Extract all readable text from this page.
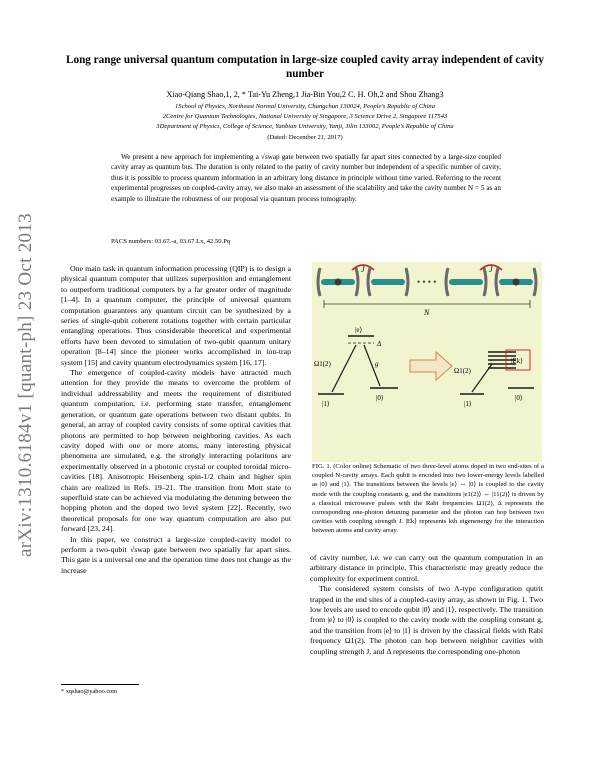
arXiv:1310.6184v1 [quant-ph] 23 Oct 2013
Long range universal quantum computation in large-size coupled cavity array independent of cavity number
Xiao-Qiang Shao,1, 2, * Tai-Yu Zheng,1 Jia-Bin You,2 C. H. Oh,2 and Shou Zhang3
1School of Physics, Northeast Normal University, Changchun 130024, People's Republic of China
2Centre for Quantum Technologies, National University of Singapore, 3 Science Drive 2, Singapore 117543
3Department of Physics, College of Science, Yanbian University, Yanji, Jilin 133002, People's Republic of China
(Dated: December 21, 2017)
We present a new approach for implementing a √swap gate between two spatially far apart sites connected by a large-size coupled cavity array as quantum bus. The duration is only related to the parity of cavity number but independent of a specific number of cavity, thus it is possible to process quantum information in an arbitrary long distance in principle without time varied. Referring to the recent experimental progresses on coupled-cavity array, we also make an assessment of the scalability and take the cavity number N = 5 as an example to illustrate the robustness of our proposal via quantum process tomography.
PACS numbers: 03.67.-a, 03.67.Lx, 42.50.Pq

One main task in quantum information processing (QIP) is to design a physical quantum computer that utilizes superposition and entanglement to outperform traditional computers by a far greater order of magnitude [1–4]. In a quantum computer, the principle of universal quantum computation guarantees any quantum circuit can be synthesized by a series of single-qubit coherent rotations together with certain particular entangling operations. Thus considerable theoretical and experimental efforts have been devoted to simulation of two-qubit quantum unitary operation [8–14] since the pioneer works accomplished in ion-trap system [15] and cavity quantum electrodynamics system [16, 17].

The emergence of coupled-cavity models have attracted much attention for they provide the means to overcome the problem of individual addressability and meets the requirement of distributed quantum computation, i.e. performing state transfer, entanglement generation, or quantum gate operations between two distant qubits. In general, an array of coupled cavity consists of some optical cavities that photons are permitted to hop between neighboring cavities. As each cavity doped with one or more atoms, many interesting physical phenomena are simulated, e.g. the strongly interacting polaritons are experimentally observed in a photonic crystal or coupled toroidal micro-cavities [18]. Anisotropic Heisenberg spin-1/2 chain and higher spin chain are realized in Refs. 19–21. The transition from Mott state to superfluid state can be achieved via modulating the detuning between the hopping photon and the doped two level system [22]. Recently, two theoretical proposals for one way quantum computation are also put forward [23, 24].

In this paper, we construct a large-size coupled-cavity model to perform a two-qubit √swap gate between two spatially far apart sites. This gate is a universal one and the operation time does not change as the increase

* xqshao@yahoo.com
J	J
• • • •
N
|e⟩
Δ
|1⟩
|0⟩
Ω1(2)	g	|Ek⟩
|1⟩
|0⟩
Ω1(2)
FIG. 1. (Color online) Schematic of two three-level atoms doped in two end-sites of a coupled N-cavity arrays. Each qubit is encoded into two lower-energy levels labelled as |0⟩ and |1⟩. The transitions between the levels |e⟩ ⇔ |0⟩ is coupled to the cavity mode with the coupling constants g, and the transitions |e1(2)⟩ ⇔ |11(2)⟩ is driven by a classical microwave pulses with the Rabi frequencies Ω1(2), Δ represents the corresponding one-photon detuning parameter and the photon can hop between two cavities with coupling strength J. |Ek⟩ represents kth eigenenergy for the interaction between atoms and cavity array.

of cavity number, i.e. we can carry out the quantum computation in an arbitrary distance in principle. This characteristic may greatly reduce the complexity for experiment control.

The considered system consists of two Λ-type configuration qutrit trapped in the end sites of a coupled-cavity array, as shown in Fig. 1. Two low levels are used to encode qubit |0⟩ and |1⟩, respectively. The transition from |e⟩ to |0⟩ is coupled to the cavity mode with the coupling constant g, and the transition from |e⟩ to |1⟩ is driven by the classical fields with Rabi frequency Ω1(2). The photon can hop between neighbor cavities with coupling strength J, and Δ represents the corresponding one-photon
